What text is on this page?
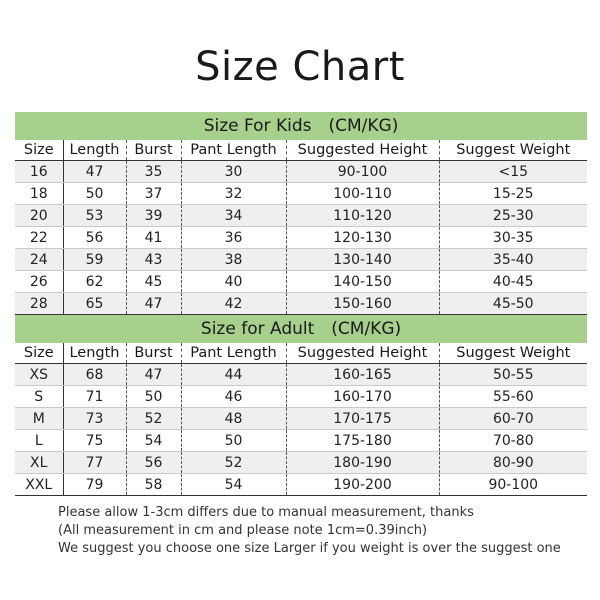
Size Chart
Size For Kids　(CM/KG)					
Size	Length	Burst	Pant Length	Suggested Height	Suggest Weight
16	47	35	30	90-100	<15
18	50	37	32	100-110	15-25
20	53	39	34	110-120	25-30
22	56	41	36	120-130	30-35
24	59	43	38	130-140	35-40
26	62	45	40	140-150	40-45
28	65	47	42	150-160	45-50
Size for Adult　(CM/KG)					
Size	Length	Burst	Pant Length	Suggested Height	Suggest Weight
XS	68	47	44	160-165	50-55
S	71	50	46	160-170	55-60
M	73	52	48	170-175	60-70
L	75	54	50	175-180	70-80
XL	77	56	52	180-190	80-90
XXL	79	58	54	190-200	90-100
Please allow 1-3cm differs due to manual measurement, thanks
(All measurement in cm and please note 1cm=0.39inch)
We suggest you choose one size Larger if you weight is over the suggest one
